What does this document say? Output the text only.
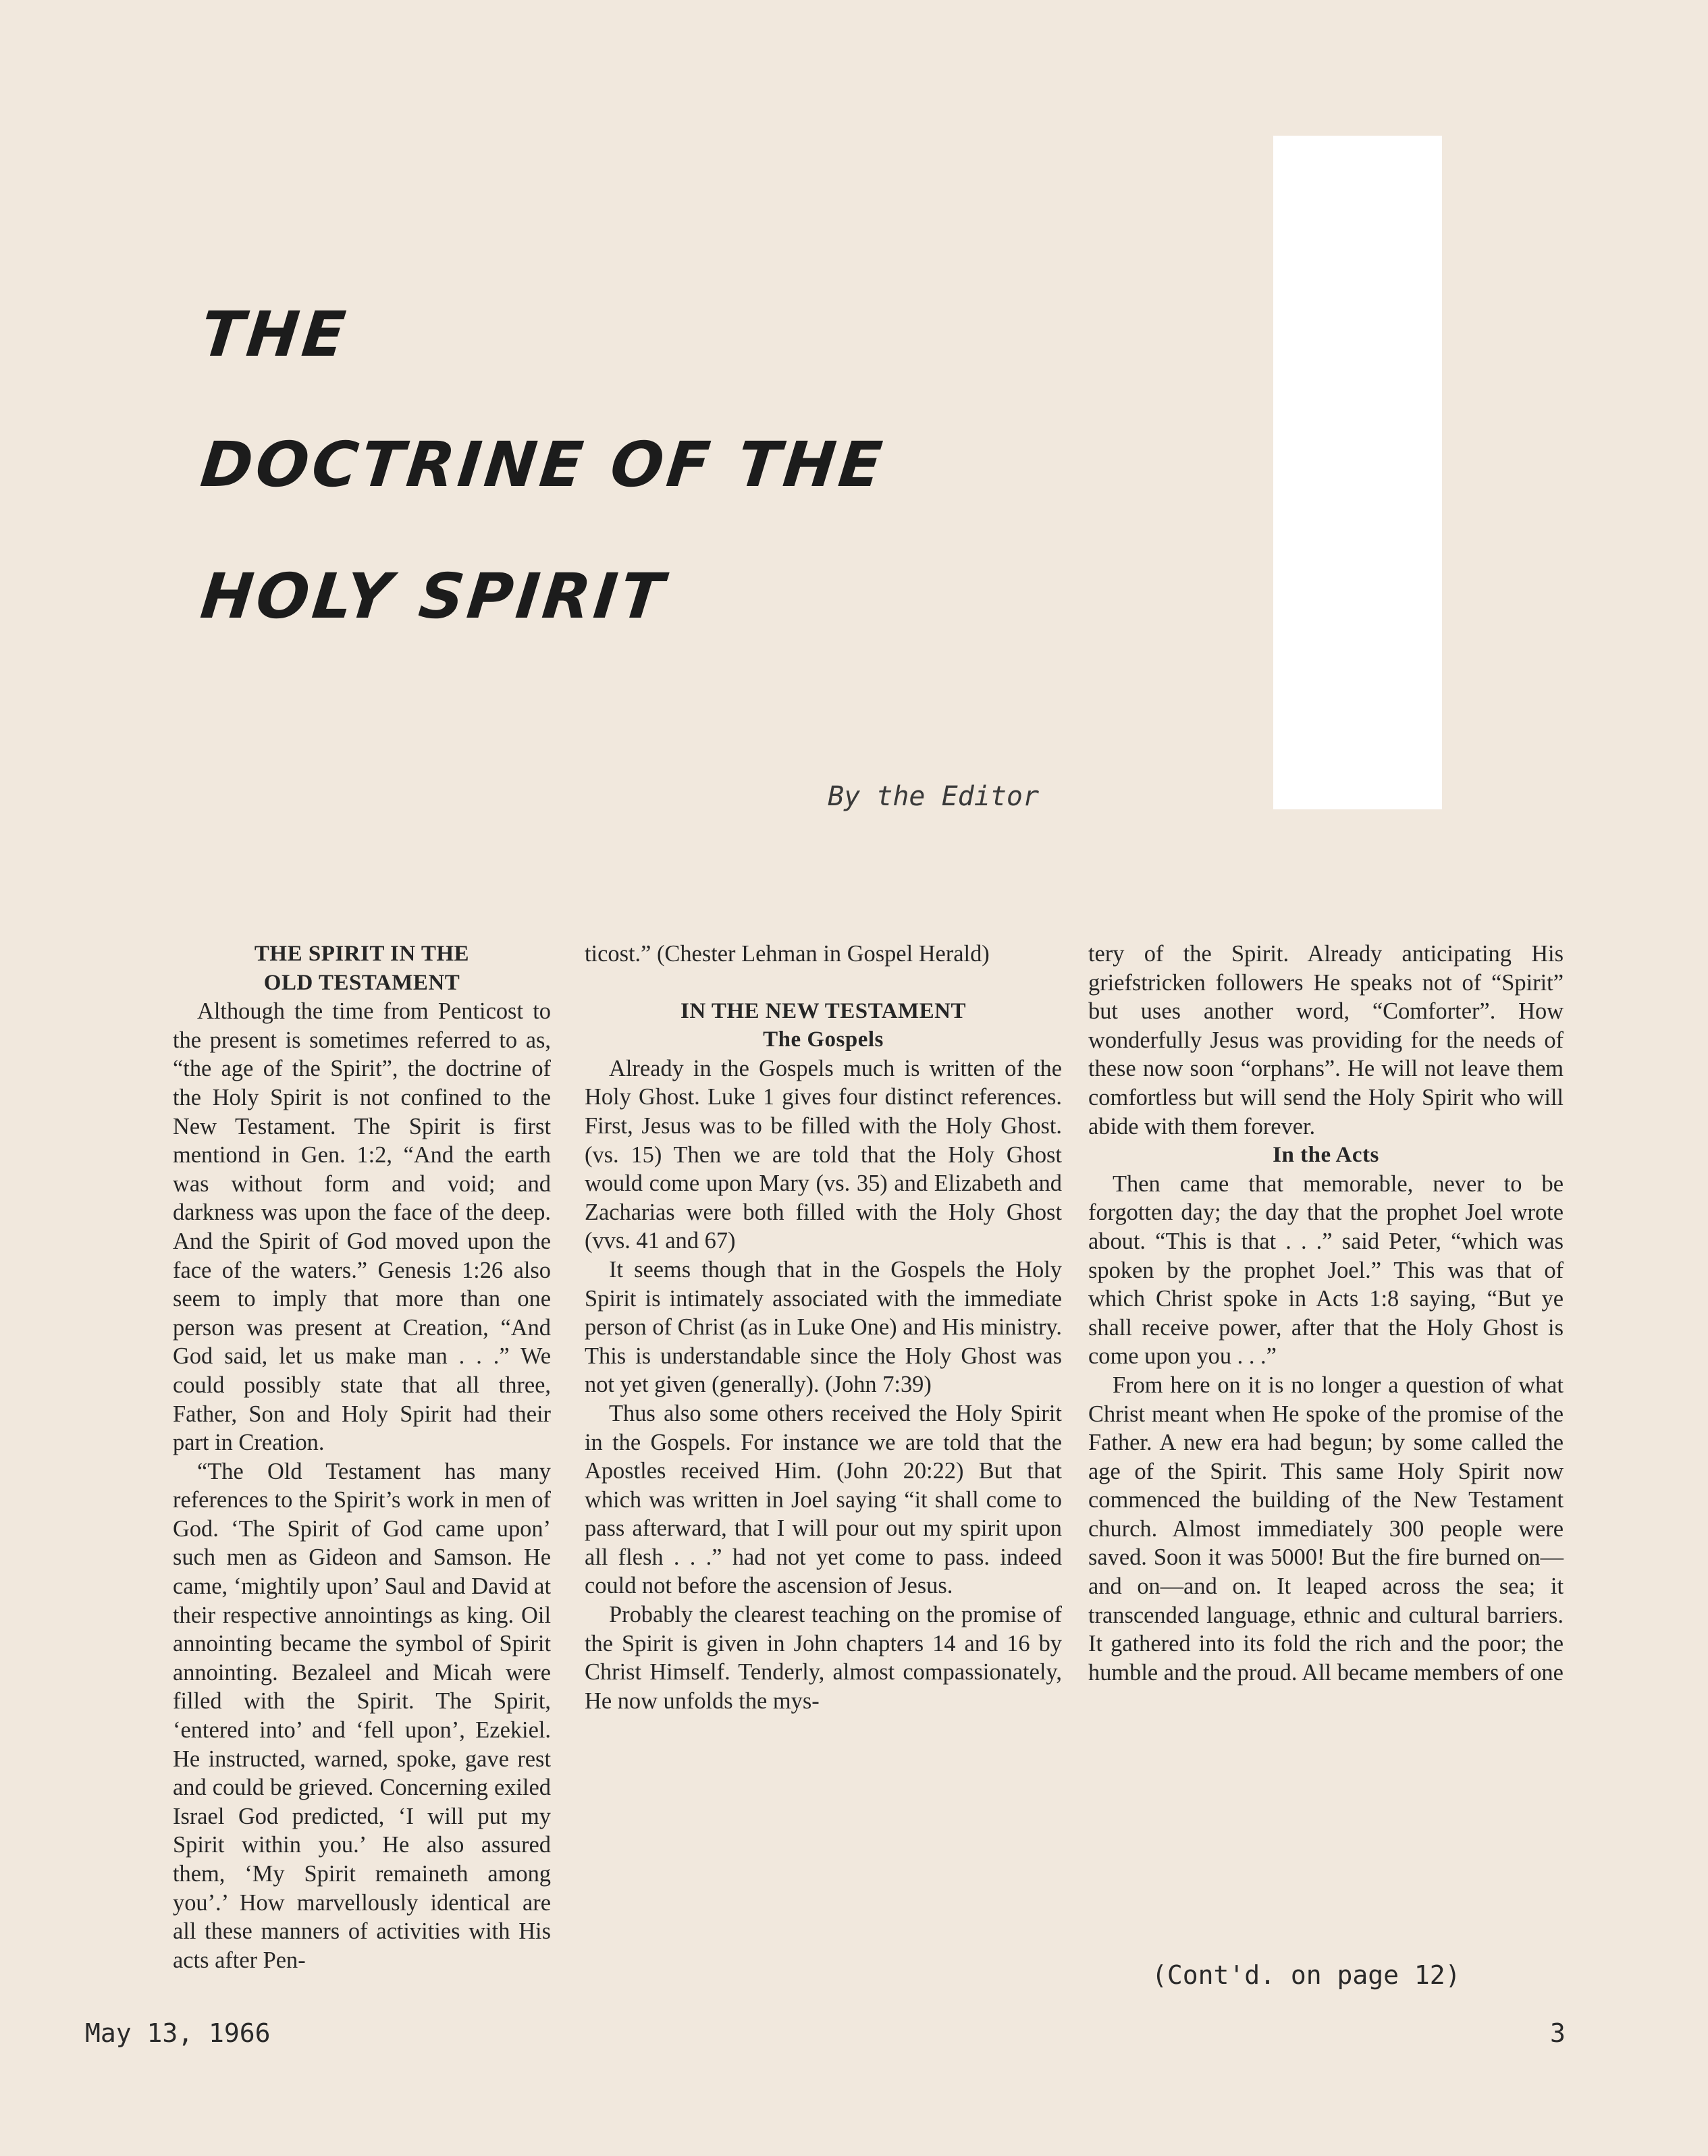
THE
DOCTRINE OF THE
HOLY SPIRIT

By the Editor

THE SPIRIT IN THE
OLD TESTAMENT

Although the time from Penticost to the present is sometimes referred to as, “the age of the Spirit”, the doctrine of the Holy Spirit is not confined to the New Testament. The Spirit is first mentiond in Gen. 1:2, “And the earth was without form and void; and darkness was upon the face of the deep. And the Spirit of God moved upon the face of the waters.” Genesis 1:26 also seem to imply that more than one person was present at Creation, “And God said, let us make man . . .” We could possibly state that all three, Father, Son and Holy Spirit had their part in Creation.

“The Old Testament has many references to the Spirit’s work in men of God. ‘The Spirit of God came upon’ such men as Gideon and Samson. He came, ‘mightily upon’ Saul and David at their respective annointings as king. Oil annointing became the symbol of Spirit annointing. Bezaleel and Micah were filled with the Spirit. The Spirit, ‘entered into’ and ‘fell upon’, Ezekiel. He instructed, warned, spoke, gave rest and could be grieved. Concerning exiled Israel God predicted, ‘I will put my Spirit within you.’ He also assured them, ‘My Spirit remaineth among you’.’ How marvellously identical are all these manners of activities with His acts after Pen-

ticost.” (Chester Lehman in Gospel Herald)

IN THE NEW TESTAMENT
The Gospels

Already in the Gospels much is written of the Holy Ghost. Luke 1 gives four distinct references. First, Jesus was to be filled with the Holy Ghost. (vs. 15) Then we are told that the Holy Ghost would come upon Mary (vs. 35) and Elizabeth and Zacharias were both filled with the Holy Ghost (vvs. 41 and 67)

It seems though that in the Gospels the Holy Spirit is intimately associated with the immediate person of Christ (as in Luke One) and His ministry. This is understandable since the Holy Ghost was not yet given (generally). (John 7:39)

Thus also some others received the Holy Spirit in the Gospels. For instance we are told that the Apostles received Him. (John 20:22) But that which was written in Joel saying “it shall come to pass afterward, that I will pour out my spirit upon all flesh . . .” had not yet come to pass. indeed could not before the ascension of Jesus.

Probably the clearest teaching on the promise of the Spirit is given in John chapters 14 and 16 by Christ Himself. Tenderly, almost compassionately, He now unfolds the mys-

tery of the Spirit. Already anticipating His griefstricken followers He speaks not of “Spirit” but uses another word, “Comforter”. How wonderfully Jesus was providing for the needs of these now soon “orphans”. He will not leave them comfortless but will send the Holy Spirit who will abide with them forever.

In the Acts

Then came that memorable, never to be forgotten day; the day that the prophet Joel wrote about. “This is that . . .” said Peter, “which was spoken by the prophet Joel.” This was that of which Christ spoke in Acts 1:8 saying, “But ye shall receive power, after that the Holy Ghost is come upon you . . .”

From here on it is no longer a question of what Christ meant when He spoke of the promise of the Father. A new era had begun; by some called the age of the Spirit. This same Holy Spirit now commenced the building of the New Testament church. Almost immediately 300 people were saved. Soon it was 5000! But the fire burned on—and on—and on. It leaped across the sea; it transcended language, ethnic and cultural barriers. It gathered into its fold the rich and the poor; the humble and the proud. All became members of one

(Cont'd. on page 12)

May 13, 1966	3
